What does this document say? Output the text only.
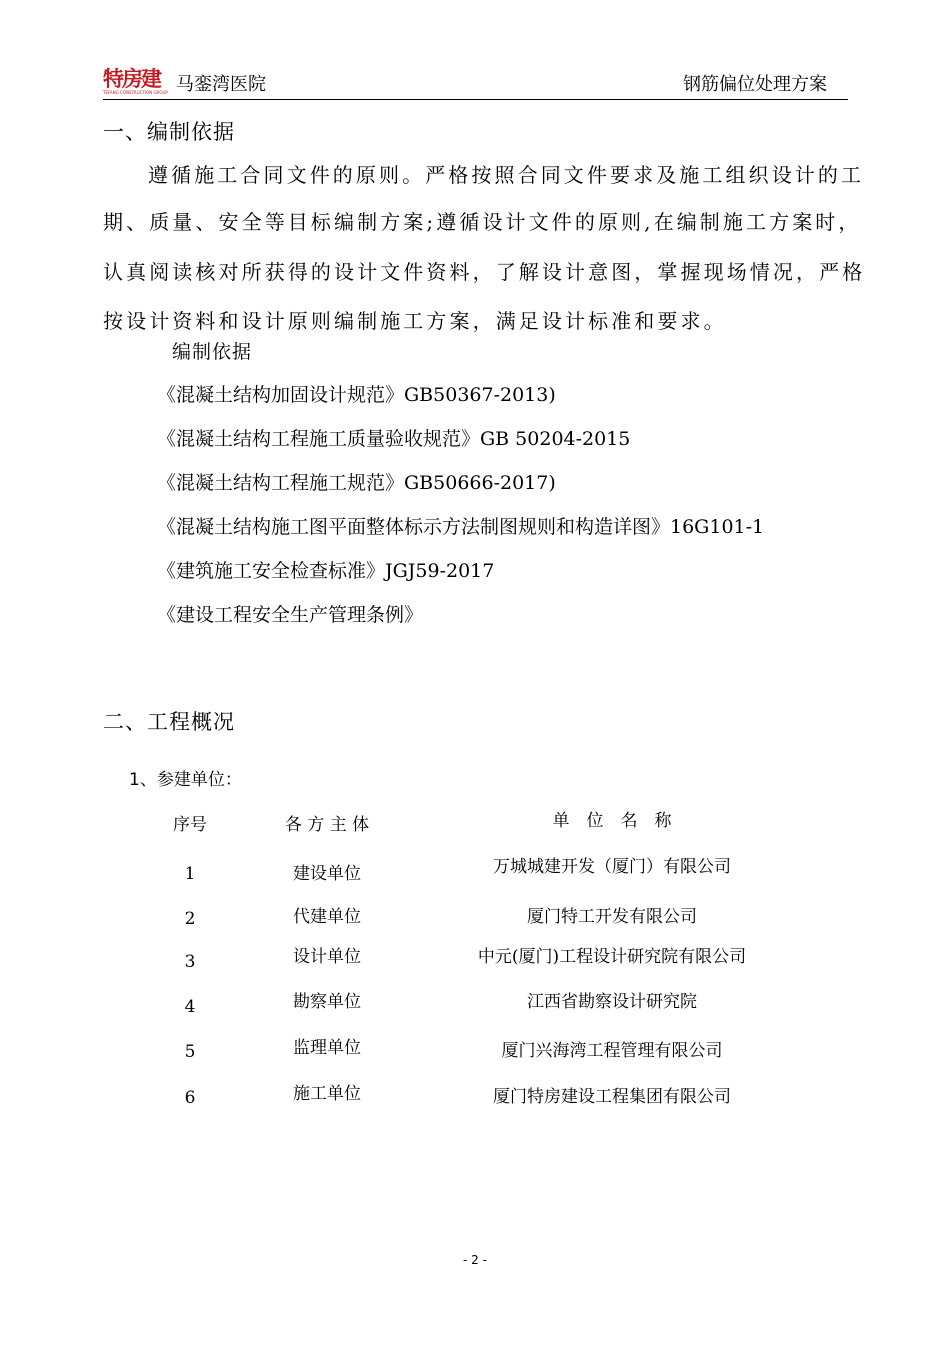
特房建
TEFANG CONSTRUCTION GROUP 马銮湾医院	钢筋偏位处理方案
一、编制依据
遵循施工合同文件的原则。严格按照合同文件要求及施工组织设计的工
期、质量、安全等目标编制方案;遵循设计文件的原则,在编制施工方案时，
认真阅读核对所获得的设计文件资料，了解设计意图，掌握现场情况，严格
按设计资料和设计原则编制施工方案，满足设计标准和要求。
编制依据
《混凝土结构加固设计规范》GB50367-2013)
《混凝土结构工程施工质量验收规范》GB 50204-2015
《混凝土结构工程施工规范》GB50666-2017)
《混凝土结构施工图平面整体标示方法制图规则和构造详图》16G101-1
《建筑施工安全检查标准》JGJ59-2017
《建设工程安全生产管理条例》
二、工程概况
1、参建单位：
序号	各 方 主 体	单　位　名　称
1	建设单位	万城城建开发（厦门）有限公司
2	代建单位	厦门特工开发有限公司
3	设计单位	中元(厦门)工程设计研究院有限公司
4	勘察单位	江西省勘察设计研究院
5	监理单位	厦门兴海湾工程管理有限公司
6	施工单位	厦门特房建设工程集团有限公司
- 2 -
